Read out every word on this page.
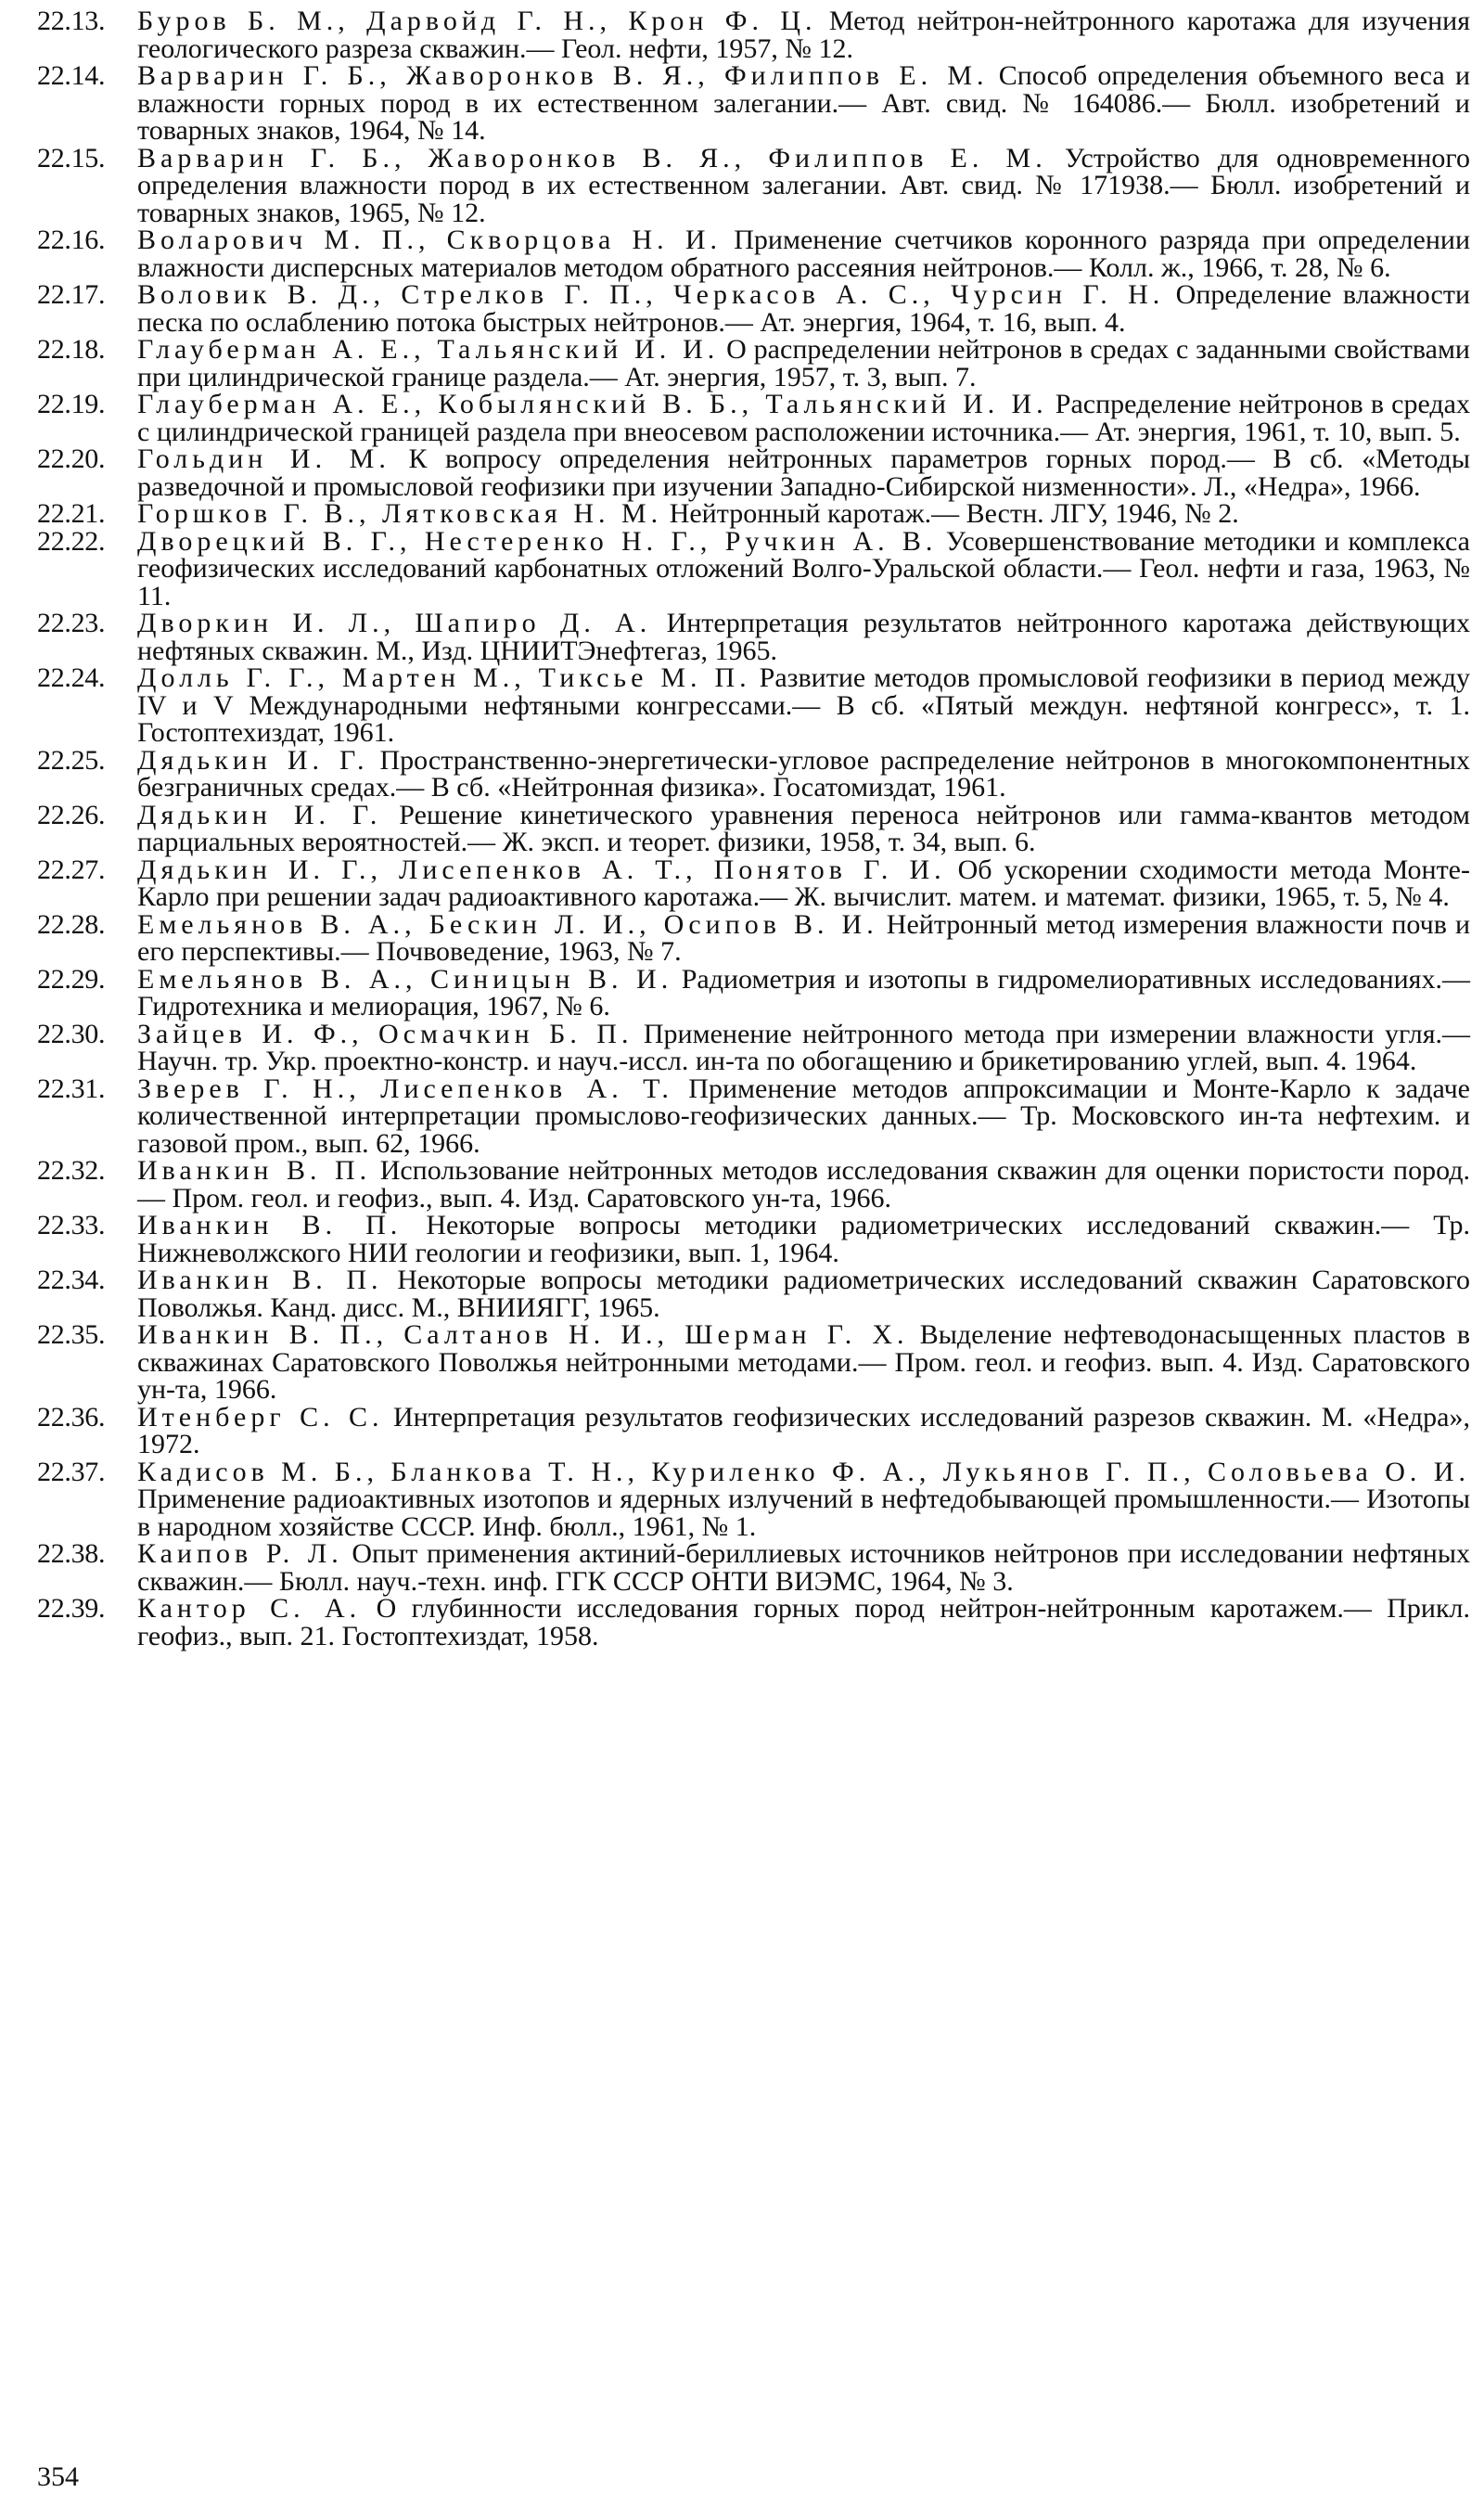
22.13.	Буров Б. М., Дарвойд Г. Н., Крон Ф. Ц. Метод нейтрон-нейтронного каротажа для изучения геологического разреза скважин.— Геол. нефти, 1957, № 12.
22.14.	Варварин Г. Б., Жаворонков В. Я., Филиппов Е. М. Способ определения объемного веса и влажности горных пород в их естественном залегании.— Авт. свид. № 164086.— Бюлл. изобретений и товарных знаков, 1964, № 14.
22.15.	Варварин Г. Б., Жаворонков В. Я., Филиппов Е. М. Устройство для одновременного определения влажности пород в их естественном залегании. Авт. свид. № 171938.— Бюлл. изобретений и товарных знаков, 1965, № 12.
22.16.	Воларович М. П., Скворцова Н. И. Применение счетчиков коронного разряда при определении влажности дисперсных материалов методом обратного рассеяния нейтронов.— Колл. ж., 1966, т. 28, № 6.
22.17.	Воловик В. Д., Стрелков Г. П., Черкасов А. С., Чурсин Г. Н. Определение влажности песка по ослаблению потока быстрых нейтронов.— Ат. энергия, 1964, т. 16, вып. 4.
22.18.	Глауберман А. Е., Тальянский И. И. О распределении нейтронов в средах с заданными свойствами при цилиндрической границе раздела.— Ат. энергия, 1957, т. 3, вып. 7.
22.19.	Глауберман А. Е., Кобылянский В. Б., Тальянский И. И. Распределение нейтронов в средах с цилиндрической границей раздела при внеосевом расположении источника.— Ат. энергия, 1961, т. 10, вып. 5.
22.20.	Гольдин И. М. К вопросу определения нейтронных параметров горных пород.— В сб. «Методы разведочной и промысловой геофизики при изучении Западно-Сибирской низменности». Л., «Недра», 1966.
22.21.	Горшков Г. В., Лятковская Н. М. Нейтронный каротаж.— Вестн. ЛГУ, 1946, № 2.
22.22.	Дворецкий В. Г., Нестеренко Н. Г., Ручкин А. В. Усовершенствование методики и комплекса геофизических исследований карбонатных отложений Волго-Уральской области.— Геол. нефти и газа, 1963, № 11.
22.23.	Дворкин И. Л., Шапиро Д. А. Интерпретация результатов нейтронного каротажа действующих нефтяных скважин. М., Изд. ЦНИИТЭнефтегаз, 1965.
22.24.	Долль Г. Г., Мартен М., Тиксье М. П. Развитие методов промысловой геофизики в период между IV и V Международными нефтяными конгрессами.— В сб. «Пятый междун. нефтяной конгресс», т. 1. Гостоптехиздат, 1961.
22.25.	Дядькин И. Г. Пространственно-энергетически-угловое распределение нейтронов в многокомпонентных безграничных средах.— В сб. «Нейтронная физика». Госатомиздат, 1961.
22.26.	Дядькин И. Г. Решение кинетического уравнения переноса нейтронов или гамма-квантов методом парциальных вероятностей.— Ж. эксп. и теорет. физики, 1958, т. 34, вып. 6.
22.27.	Дядькин И. Г., Лисепенков А. Т., Понятов Г. И. Об ускорении сходимости метода Монте-Карло при решении задач радиоактивного каротажа.— Ж. вычислит. матем. и математ. физики, 1965, т. 5, № 4.
22.28.	Емельянов В. А., Бескин Л. И., Осипов В. И. Нейтронный метод измерения влажности почв и его перспективы.— Почвоведение, 1963, № 7.
22.29.	Емельянов В. А., Синицын В. И. Радиометрия и изотопы в гидромелиоративных исследованиях.— Гидротехника и мелиорация, 1967, № 6.
22.30.	Зайцев И. Ф., Осмачкин Б. П. Применение нейтронного метода при измерении влажности угля.— Научн. тр. Укр. проектно-констр. и науч.-иссл. ин-та по обогащению и брикетированию углей, вып. 4. 1964.
22.31.	Зверев Г. Н., Лисепенков А. Т. Применение методов аппроксимации и Монте-Карло к задаче количественной интерпретации промыслово-геофизических данных.— Тр. Московского ин-та нефтехим. и газовой пром., вып. 62, 1966.
22.32.	Иванкин В. П. Использование нейтронных методов исследования скважин для оценки пористости пород.— Пром. геол. и геофиз., вып. 4. Изд. Саратовского ун-та, 1966.
22.33.	Иванкин В. П. Некоторые вопросы методики радиометрических исследований скважин.— Тр. Нижневолжского НИИ геологии и геофизики, вып. 1, 1964.
22.34.	Иванкин В. П. Некоторые вопросы методики радиометрических исследований скважин Саратовского Поволжья. Канд. дисс. М., ВНИИЯГГ, 1965.
22.35.	Иванкин В. П., Салтанов Н. И., Шерман Г. Х. Выделение нефтеводонасыщенных пластов в скважинах Саратовского Поволжья нейтронными методами.— Пром. геол. и геофиз. вып. 4. Изд. Саратовского ун-та, 1966.
22.36.	Итенберг С. С. Интерпретация результатов геофизических исследований разрезов скважин. М. «Недра», 1972.
22.37.	Кадисов М. Б., Бланкова Т. Н., Куриленко Ф. А., Лукьянов Г. П., Соловьева О. И. Применение радиоактивных изотопов и ядерных излучений в нефтедобывающей промышленности.— Изотопы в народном хозяйстве СССР. Инф. бюлл., 1961, № 1.
22.38.	Каипов Р. Л. Опыт применения актиний-бериллиевых источников нейтронов при исследовании нефтяных скважин.— Бюлл. науч.-техн. инф. ГГК СССР ОНТИ ВИЭМС, 1964, № 3.
22.39.	Кантор С. А. О глубинности исследования горных пород нейтрон-нейтронным каротажем.— Прикл. геофиз., вып. 21. Гостоптехиздат, 1958.
354
